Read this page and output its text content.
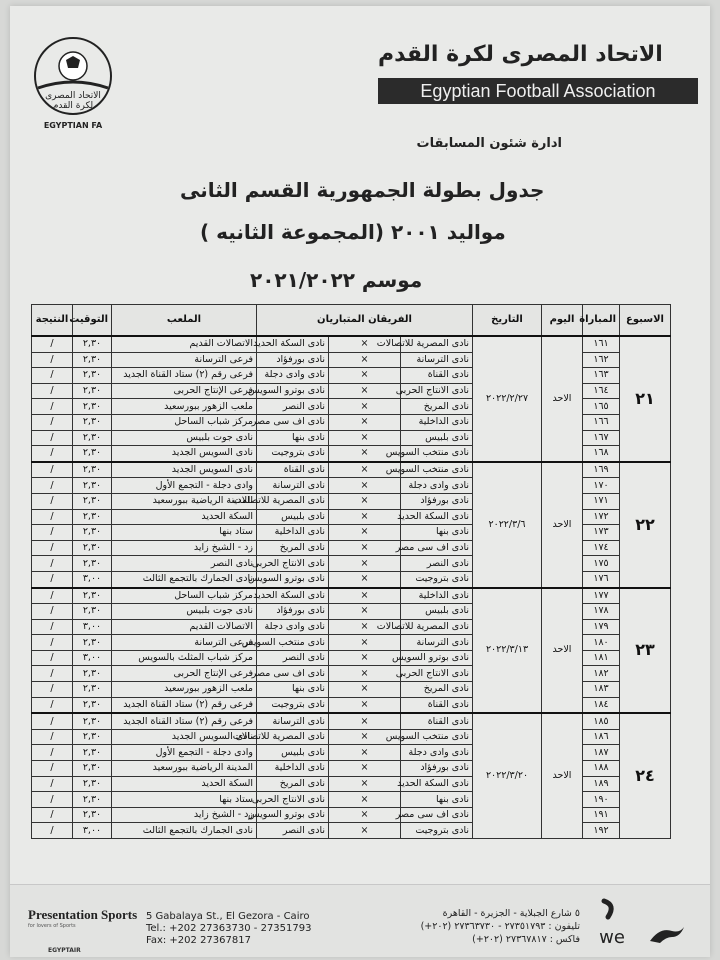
الاتحاد المصرى
لكرة القدم
EGYPTIAN FA
الاتحاد المصرى لكرة القدم
Egyptian Football Association
ادارة شئون المسابقات
جدول بطولة الجمهورية القسم الثانى
مواليد ٢٠٠١ (المجموعة الثانيه )
موسم ٢٠٢١/٢٠٢٢
الاسبوع	المباراة	اليوم	التاريخ	الفريقان المتباريان			الملعب	التوقيت	النتيجة
٢١	١٦١	الاحد	٢٠٢٢/٢/٢٧	نادى المصرية للاتصالات	×	نادى السكة الحديد	الاتصالات القديم	٢,٣٠	/
	١٦٢			نادى الترسانة	×	نادى بورفؤاد	فرعى الترسانة	٢,٣٠	/
	١٦٣			نادى القناة	×	نادى وادى دجلة	فرعى رقم (٢) ستاد القناة الجديد	٢,٣٠	/
	١٦٤			نادى الانتاج الحربى	×	نادى بوترو السويس	فرعى الإنتاج الحربى	٢,٣٠	/
	١٦٥			نادى المريخ	×	نادى النصر	ملعب الزهور ببورسعيد	٢,٣٠	/
	١٦٦			نادى الداخلية	×	نادى اف سى مصر	مركز شباب الساحل	٢,٣٠	/
	١٦٧			نادى بلبيس	×	نادى بنها	نادى جوت بلبيس	٢,٣٠	/
	١٦٨			نادى منتخب السويس	×	نادى بتروجيت	نادى السويس الجديد	٢,٣٠	/
٢٢	١٦٩	الاحد	٢٠٢٢/٣/٦	نادى منتخب السويس	×	نادى القناة	نادى السويس الجديد	٢,٣٠	/
	١٧٠			نادى وادى دجلة	×	نادى الترسانة	وادى دجلة - التجمع الأول	٢,٣٠	/
	١٧١			نادى بورفؤاد	×	نادى المصرية للاتصالات	المدينة الرياضية ببورسعيد	٢,٣٠	/
	١٧٢			نادى السكة الحديد	×	نادى بلبيس	السكة الحديد	٢,٣٠	/
	١٧٣			نادى بنها	×	نادى الداخلية	ستاد بنها	٢,٣٠	/
	١٧٤			نادى اف سى مصر	×	نادى المريخ	زد - الشيخ زايد	٢,٣٠	/
	١٧٥			نادى النصر	×	نادى الانتاج الحربى	نادى النصر	٢,٣٠	/
	١٧٦			نادى بتروجيت	×	نادى بوترو السويس	نادى الجمارك بالتجمع الثالث	٣,٠٠	/
٢٣	١٧٧	الاحد	٢٠٢٢/٣/١٣	نادى الداخلية	×	نادى السكة الحديد	مركز شباب الساحل	٢,٣٠	/
	١٧٨			نادى بلبيس	×	نادى بورفؤاد	نادى جوت بلبيس	٢,٣٠	/
	١٧٩			نادى المصرية للاتصالات	×	نادى وادى دجلة	الاتصالات القديم	٣,٠٠	/
	١٨٠			نادى الترسانة	×	نادى منتخب السويس	فرعى الترسانة	٢,٣٠	/
	١٨١			نادى بوترو السويس	×	نادى النصر	مركز شباب المثلث بالسويس	٣,٠٠	/
	١٨٢			نادى الانتاج الحربى	×	نادى اف سى مصر	فرعى الإنتاج الحربى	٢,٣٠	/
	١٨٣			نادى المريخ	×	نادى بنها	ملعب الزهور ببورسعيد	٢,٣٠	/
	١٨٤			نادى القناة	×	نادى بتروجيت	فرعى رقم (٢) ستاد القناة الجديد	٢,٣٠	/
٢٤	١٨٥	الاحد	٢٠٢٢/٣/٢٠	نادى القناة	×	نادى الترسانة	فرعى رقم (٢) ستاد القناة الجديد	٢,٣٠	/
	١٨٦			نادى منتخب السويس	×	نادى المصرية للاتصالات	نادى السويس الجديد	٢,٣٠	/
	١٨٧			نادى وادى دجلة	×	نادى بلبيس	وادى دجلة - التجمع الأول	٢,٣٠	/
	١٨٨			نادى بورفؤاد	×	نادى الداخلية	المدينة الرياضية ببورسعيد	٢,٣٠	/
	١٨٩			نادى السكة الحديد	×	نادى المريخ	السكة الحديد	٢,٣٠	/
	١٩٠			نادى بنها	×	نادى الانتاج الحربى	ستاد بنها	٢,٣٠	/
	١٩١			نادى اف سى مصر	×	نادى بوترو السويس	زد - الشيخ زايد	٢,٣٠	/
	١٩٢			نادى بتروجيت	×	نادى النصر	نادى الجمارك بالتجمع الثالث	٣,٠٠	/
Presentation Sports
for lovers of Sports
EGYPTAIR
5 Gabalaya St., El Gezora - Cairo
Tel.: +202 27363730 - 27351793
Fax: +202 27367817
٥ شارع الجبلاية - الجزيرة - القاهرة
تليفون : ٢٧٣٥١٧٩٣ - ٢٧٣٦٣٧٣٠ (٢٠٢+)
فاكس : ٢٧٣٦٧٨١٧ (٢٠٢+) we
